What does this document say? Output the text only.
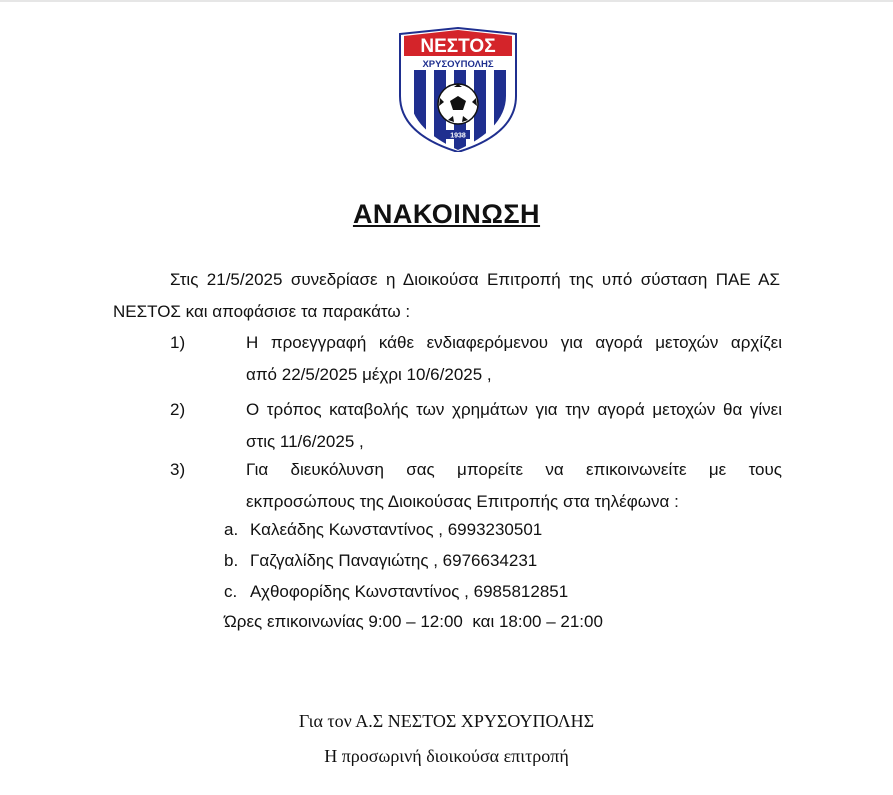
ΝΕΣΤΟΣ
ΧΡΥΣΟΥΠΟΛΗΣ
1938
ΑΝΑΚΟΙΝΩΣΗ
Στις 21/5/2025 συνεδρίασε η Διοικούσα Επιτροπή της υπό σύσταση ΠΑΕ ΑΣ ΝΕΣΤΟΣ και αποφάσισε τα παρακάτω :
1)	Η προεγγραφή κάθε ενδιαφερόμενου για αγορά μετοχών αρχίζει
από 22/5/2025 μέχρι 10/6/2025 ,
2)	Ο τρόπος καταβολής των χρημάτων για την αγορά μετοχών θα γίνει
στις 11/6/2025 ,
3)	Για διευκόλυνση σας μπορείτε να επικοινωνείτε με τους
εκπροσώπους της Διοικούσας Επιτροπής στα τηλέφωνα :
a. Καλεάδης Κωνσταντίνος , 6993230501
b. Γαζγαλίδης Παναγιώτης , 6976634231
c. Αχθοφορίδης Κωνσταντίνος , 6985812851
Ώρες επικοινωνίας 9:00 – 12:00  και 18:00 – 21:00
Για τον Α.Σ ΝΕΣΤΟΣ ΧΡΥΣΟΥΠΟΛΗΣ
Η προσωρινή διοικούσα επιτροπή
